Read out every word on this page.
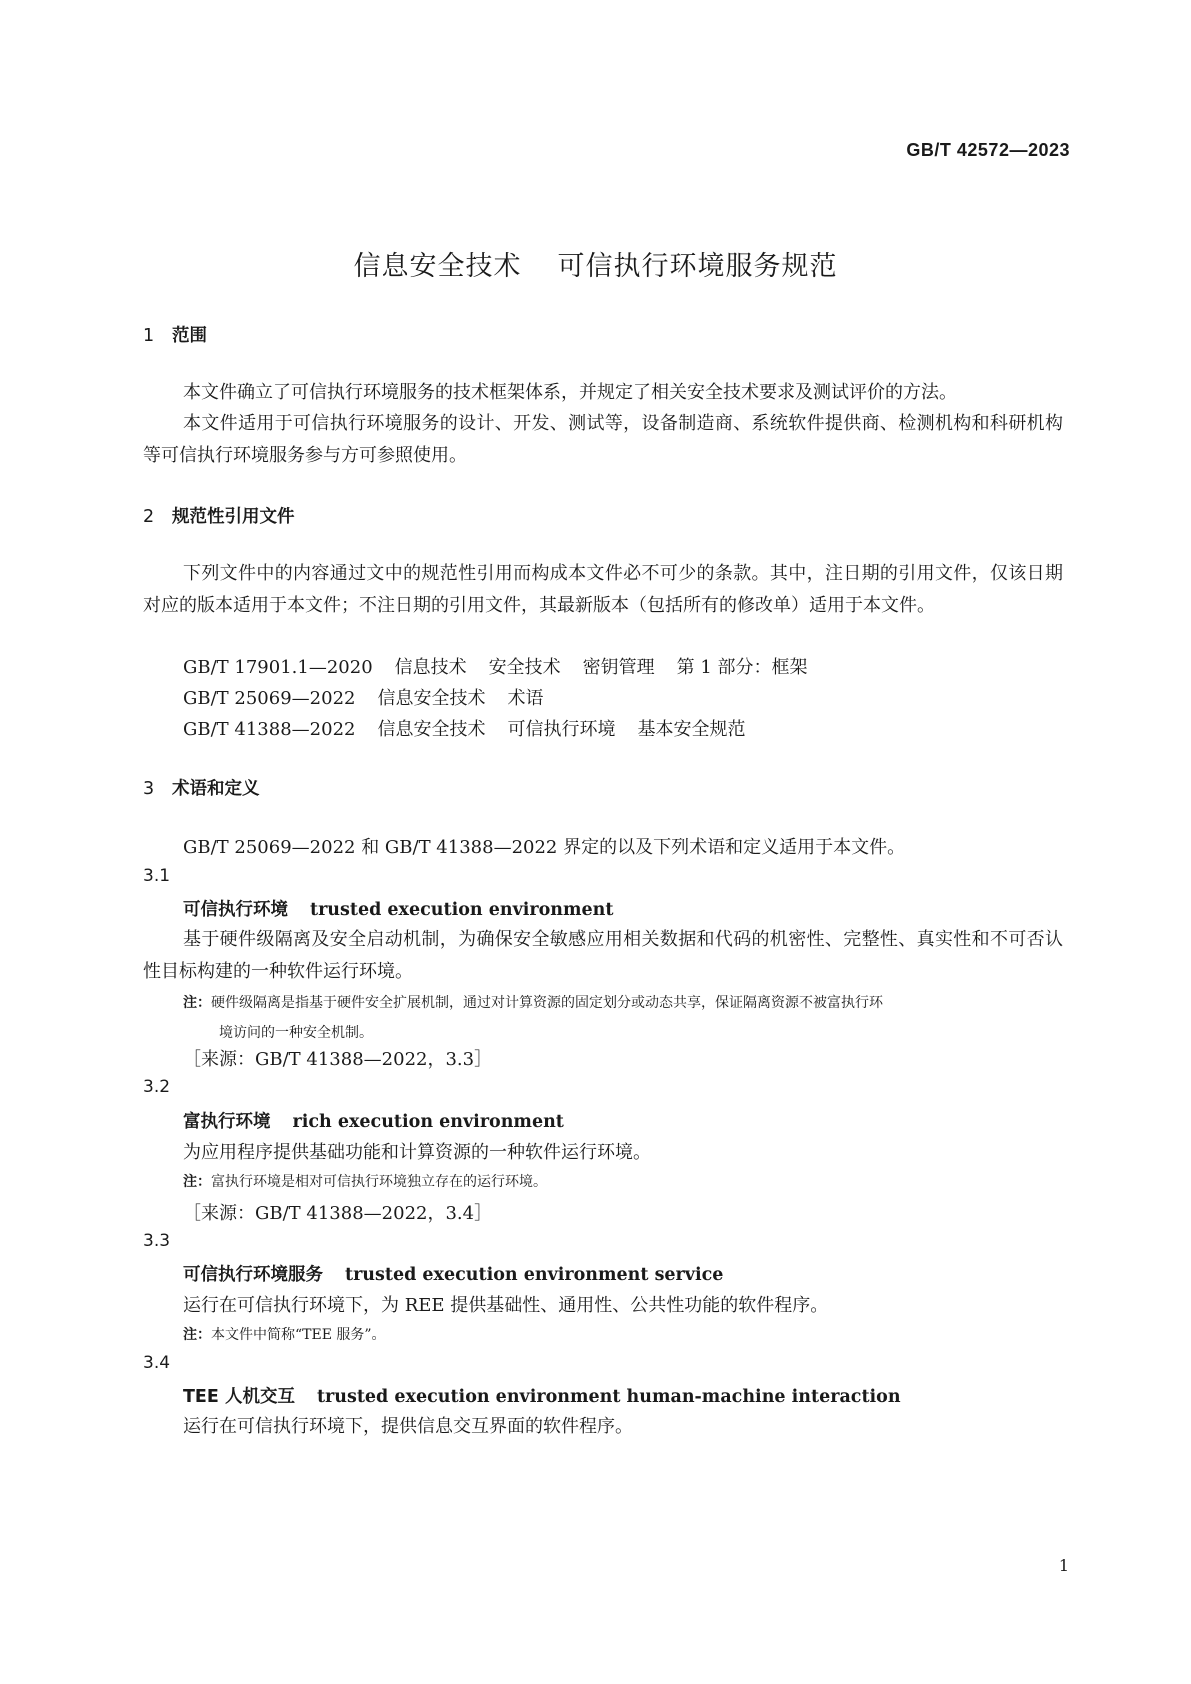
GB/T 42572—2023
信息安全技术 可信执行环境服务规范
1 范围

本文件确立了可信执行环境服务的技术框架体系，并规定了相关安全技术要求及测试评价的方法。

本文件适用于可信执行环境服务的设计、开发、测试等，设备制造商、系统软件提供商、检测机构和科研机构等可信执行环境服务参与方可参照使用。

2 规范性引用文件

下列文件中的内容通过文中的规范性引用而构成本文件必不可少的条款。其中，注日期的引用文件，仅该日期对应的版本适用于本文件；不注日期的引用文件，其最新版本（包括所有的修改单）适用于本文件。

GB/T 17901.1—2020 信息技术 安全技术 密钥管理 第 1 部分：框架
GB/T 25069—2022 信息安全技术 术语
GB/T 41388—2022 信息安全技术 可信执行环境 基本安全规范
3 术语和定义
GB/T 25069—2022 和 GB/T 41388—2022 界定的以及下列术语和定义适用于本文件。
3.1
可信执行环境 trusted execution environment

基于硬件级隔离及安全启动机制，为确保安全敏感应用相关数据和代码的机密性、完整性、真实性和不可否认性目标构建的一种软件运行环境。

注：硬件级隔离是指基于硬件安全扩展机制，通过对计算资源的固定划分或动态共享，保证隔离资源不被富执行环
境访问的一种安全机制。

［来源：GB/T 41388—2022，3.3］
3.2
富执行环境 rich execution environment
为应用程序提供基础功能和计算资源的一种软件运行环境。

注：富执行环境是相对可信执行环境独立存在的运行环境。

［来源：GB/T 41388—2022，3.4］
3.3
可信执行环境服务 trusted execution environment service
运行在可信执行环境下，为 REE 提供基础性、通用性、公共性功能的软件程序。

注：本文件中简称“TEE 服务”。

3.4
TEE 人机交互 trusted execution environment human-machine interaction
运行在可信执行环境下，提供信息交互界面的软件程序。
1
